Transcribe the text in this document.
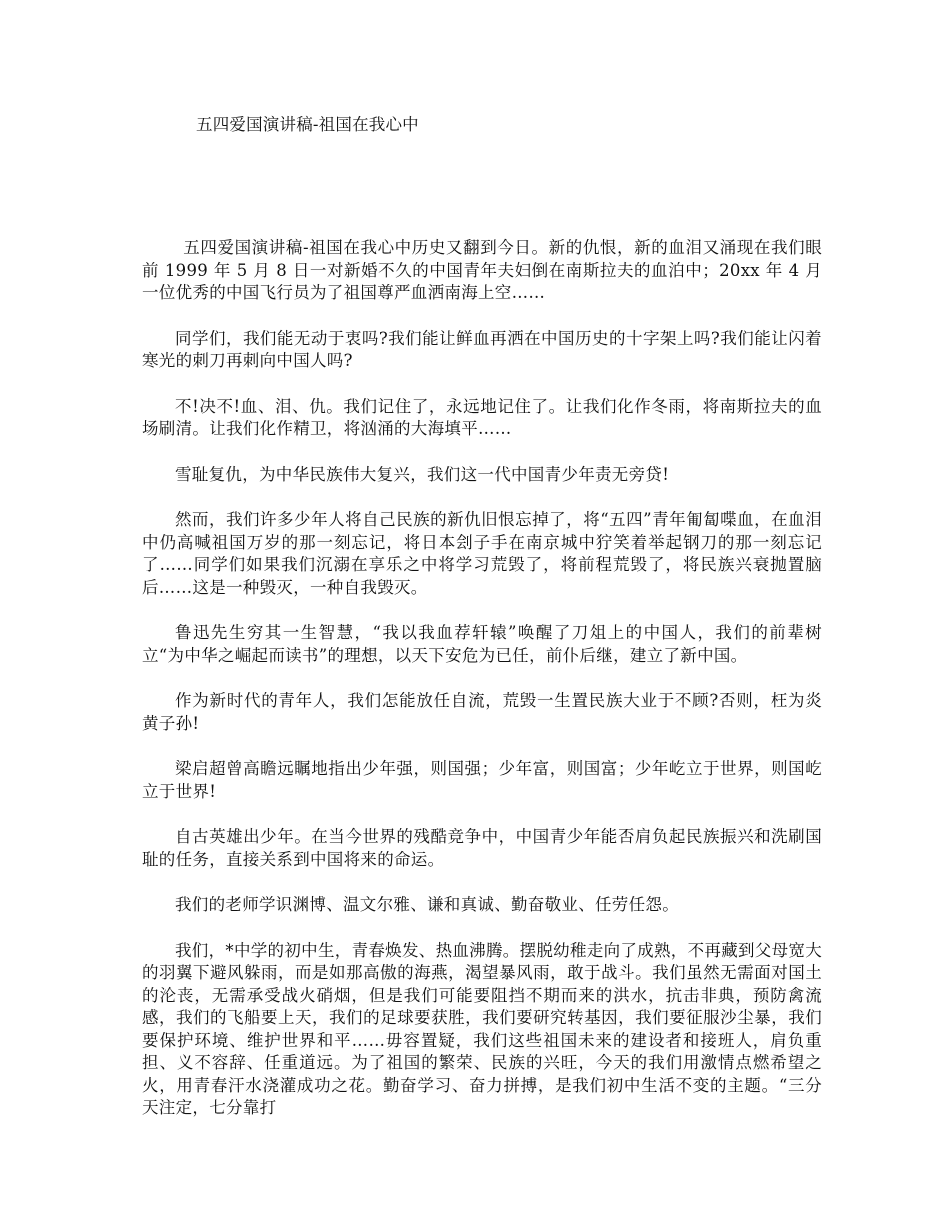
五四爱国演讲稿-祖国在我心中

五四爱国演讲稿-祖国在我心中历史又翻到今日。新的仇恨，新的血泪又涌现在我们眼前 1999 年 5 月 8 日一对新婚不久的中国青年夫妇倒在南斯拉夫的血泊中；20xx 年 4 月一位优秀的中国飞行员为了祖国尊严血洒南海上空……

同学们，我们能无动于衷吗?我们能让鲜血再洒在中国历史的十字架上吗?我们能让闪着寒光的刺刀再刺向中国人吗?

不!决不!血、泪、仇。我们记住了，永远地记住了。让我们化作冬雨，将南斯拉夫的血场刷清。让我们化作精卫，将汹涌的大海填平……

雪耻复仇，为中华民族伟大复兴，我们这一代中国青少年责无旁贷!

然而，我们许多少年人将自己民族的新仇旧恨忘掉了，将“五四”青年匍匐喋血，在血泪中仍高喊祖国万岁的那一刻忘记，将日本刽子手在南京城中狞笑着举起钢刀的那一刻忘记了……同学们如果我们沉溺在享乐之中将学习荒毁了，将前程荒毁了，将民族兴衰抛置脑后……这是一种毁灭，一种自我毁灭。

鲁迅先生穷其一生智慧，“我以我血荐轩辕”唤醒了刀俎上的中国人，我们的前辈树立“为中华之崛起而读书”的理想，以天下安危为已任，前仆后继，建立了新中国。

作为新时代的青年人，我们怎能放任自流，荒毁一生置民族大业于不顾?否则，枉为炎黄子孙!

梁启超曾高瞻远瞩地指出少年强，则国强；少年富，则国富；少年屹立于世界，则国屹立于世界!

自古英雄出少年。在当今世界的残酷竞争中，中国青少年能否肩负起民族振兴和洗刷国耻的任务，直接关系到中国将来的命运。

我们的老师学识渊博、温文尔雅、谦和真诚、勤奋敬业、任劳任怨。

我们，*中学的初中生，青春焕发、热血沸腾。摆脱幼稚走向了成熟，不再藏到父母宽大的羽翼下避风躲雨，而是如那高傲的海燕，渴望暴风雨，敢于战斗。我们虽然无需面对国土的沦丧，无需承受战火硝烟，但是我们可能要阻挡不期而来的洪水，抗击非典，预防禽流感，我们的飞船要上天，我们的足球要获胜，我们要研究转基因，我们要征服沙尘暴，我们要保护环境、维护世界和平……毋容置疑，我们这些祖国未来的建设者和接班人，肩负重担、义不容辞、任重道远。为了祖国的繁荣、民族的兴旺，今天的我们用激情点燃希望之火，用青春汗水浇灌成功之花。勤奋学习、奋力拼搏，是我们初中生活不变的主题。“三分天注定，七分靠打
